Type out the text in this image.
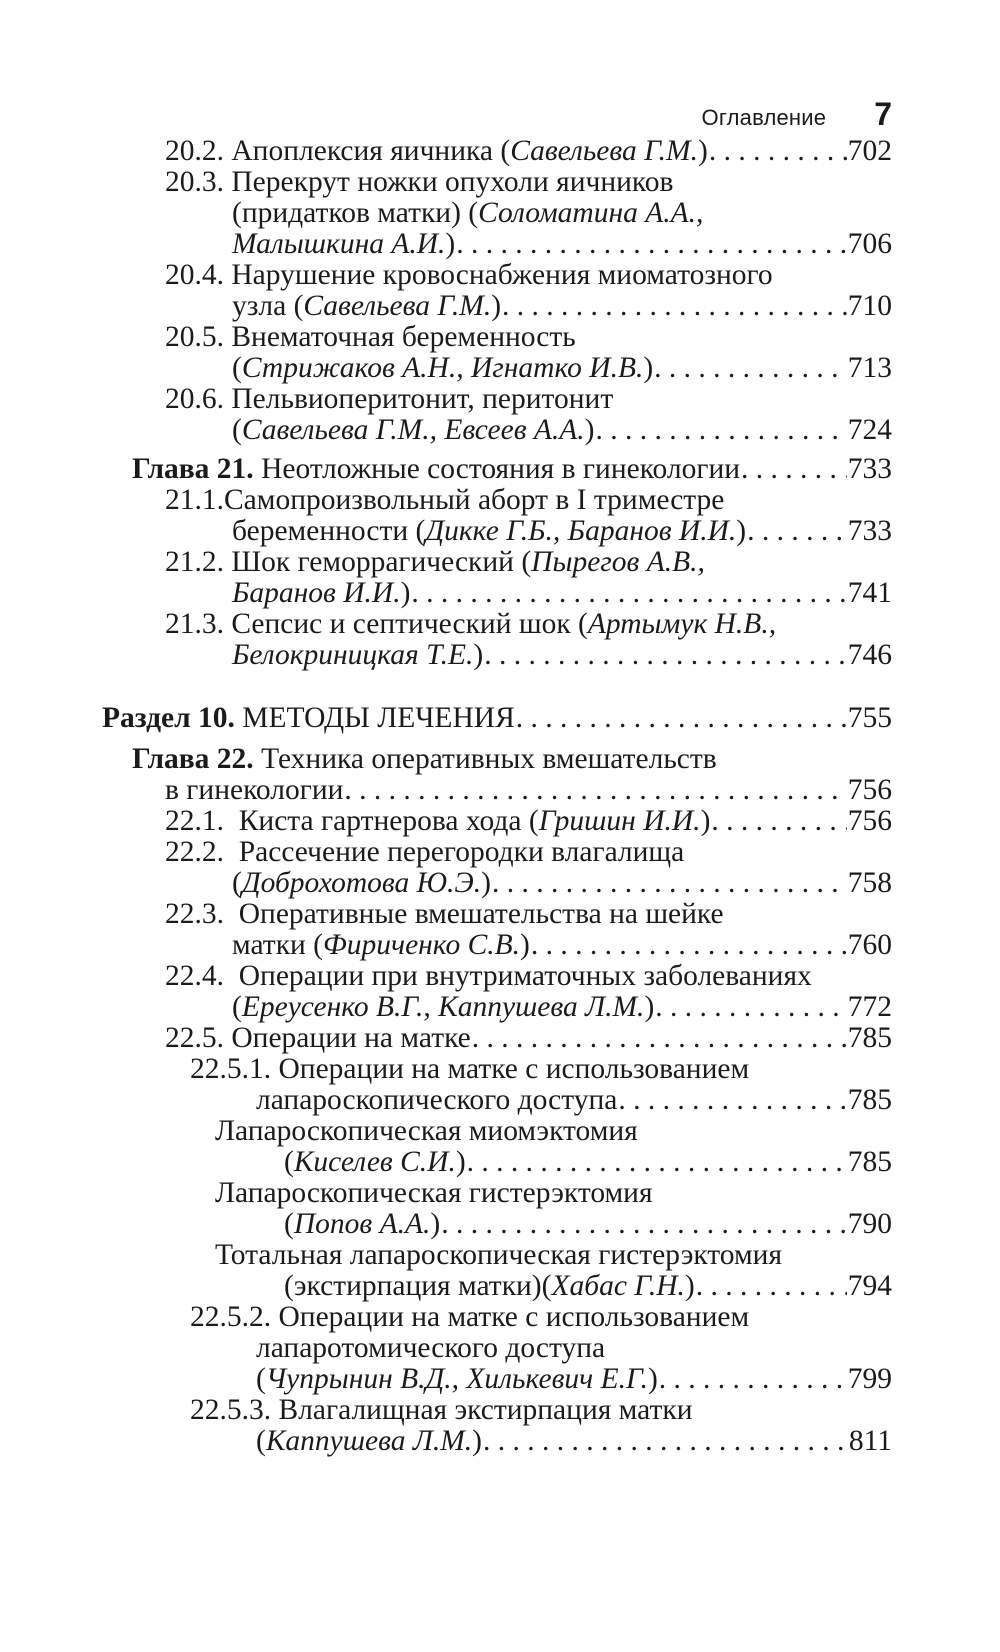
Оглавление 7
20.2. Апоплексия яичника ( Савельева Г.М. ) . . .	702
20.3. Перекрут ножки опухоли яичников
(придатков матки) ( Соломатина А.А.,
Малышкина А.И. ) . . .	706
20.4. Нарушение кровоснабжения миоматозного
узла ( Савельева Г.М. ) . . .	710
20.5. Внематочная беременность
( Стрижаков А.Н., Игнатко И.В. ) . . .	713
20.6. Пельвиоперитонит, перитонит
( Савельева Г.М., Евсеев А.А. ) . . .	724
Глава 21. Неотложные состояния в гинекологии . . .	733
21.1. Самопроизвольный аборт в I триместре
беременности ( Дикке Г.Б., Баранов И.И. ) . . .	733
21.2. Шок геморрагический ( Пырегов А.В.,
Баранов И.И. ) . . .	741
21.3. Сепсис и септический шок ( Артымук Н.В.,
Белокриницкая Т.Е. ) . . .	746
Раздел 10. МЕТОДЫ ЛЕЧЕНИЯ . . .	755
Глава 22. Техника оперативных вмешательств
в гинекологии . . .	756
22.1. Киста гартнерова хода ( Гришин И.И. ) . . .	756
22.2. Рассечение перегородки влагалища
( Доброхотова Ю.Э. ) . . .	758
22.3. Оперативные вмешательства на шейке
матки ( Фириченко С.В. ) . . .	760
22.4. Операции при внутриматочных заболеваниях
( Ереусенко В.Г., Каппушева Л.М. ) . . .	772
22.5. Операции на матке . . .	785
22.5.1. Операции на матке с использованием
лапароскопического доступа . . .	785
Лапароскопическая миомэктомия
( Киселев С.И. ) . . .	785
Лапароскопическая гистерэктомия
( Попов А.А. ) . . .	790
Тотальная лапароскопическая гистерэктомия
(экстирпация матки)( Хабас Г.Н. ) . . .	794
22.5.2. Операции на матке с использованием
лапаротомического доступа
( Чупрынин В.Д., Хилькевич Е.Г. ) . . .	799
22.5.3. Влагалищная экстирпация матки
( Каппушева Л.М. ) . . .	811
